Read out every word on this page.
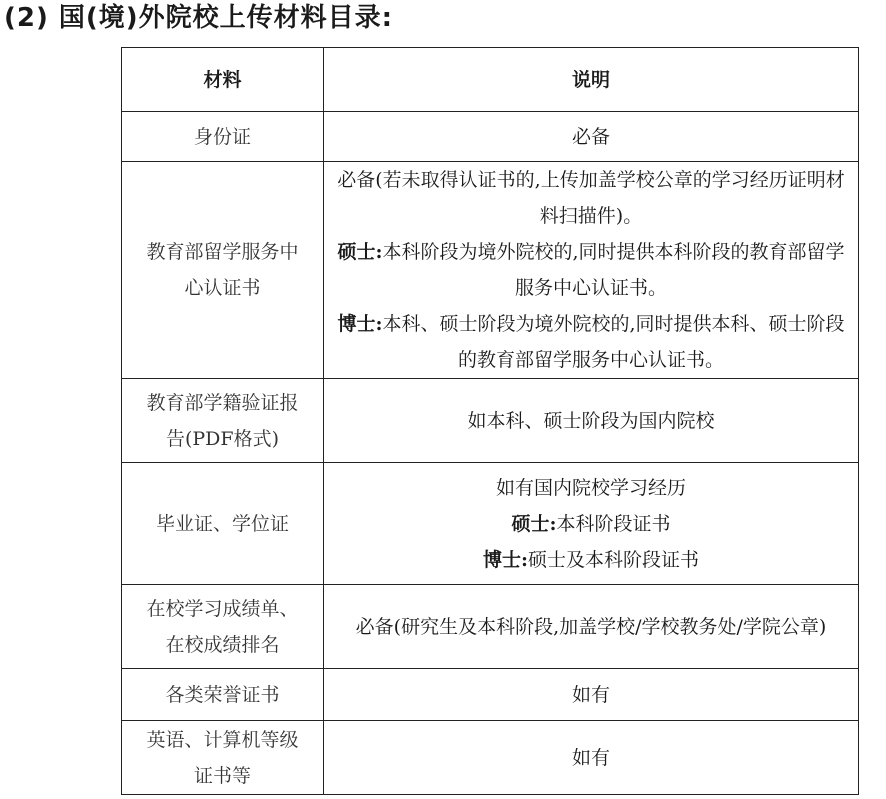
(2) 国(境)外院校上传材料目录:
材料	说明
身份证	必备

教育部留学服务中心认证书	必备(若未取得认证书的,上传加盖学校公章的学习经历证明材料扫描件)。
硕士:本科阶段为境外院校的,同时提供本科阶段的教育部留学服务中心认证书。
博士:本科、硕士阶段为境外院校的,同时提供本科、硕士阶段的教育部留学服务中心认证书。

教育部学籍验证报告(PDF格式)	如本科、硕士阶段为国内院校

毕业证、学位证	如有国内院校学习经历
硕士:本科阶段证书
博士:硕士及本科阶段证书

在校学习成绩单、在校成绩排名	必备(研究生及本科阶段,加盖学校/学校教务处/学院公章)

各类荣誉证书	如有

英语、计算机等级证书等	如有
